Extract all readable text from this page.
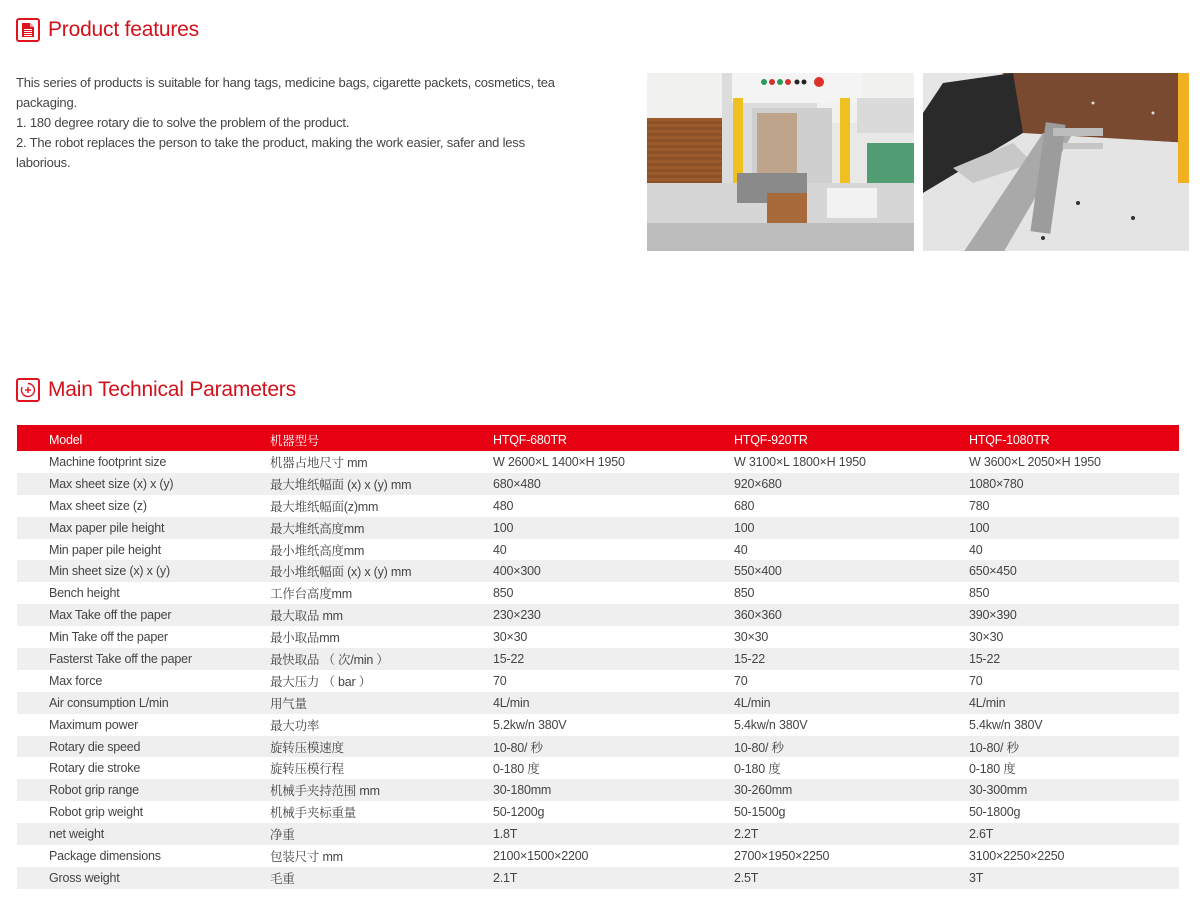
Product features

This series of products is suitable for hang tags, medicine bags, cigarette packets, cosmetics, tea packaging.

1. 180 degree rotary die to solve the problem of the product.

2. The robot replaces the person to take the product, making the work easier, safer and less laborious.

Main Technical Parameters
Model	机器型号	HTQF-680TR	HTQF-920TR	HTQF-1080TR
Machine footprint size	机器占地尺寸 mm	W 2600×L 1400×H 1950	W 3100×L 1800×H 1950	W 3600×L 2050×H 1950
Max sheet size (x) x (y)	最大堆纸幅面 (x) x (y) mm	680×480	920×680	1080×780
Max sheet size (z)	最大堆纸幅面(z)mm	480	680	780
Max paper pile height	最大堆纸高度mm	100	100	100
Min paper pile height	最小堆纸高度mm	40	40	40
Min sheet size (x) x (y)	最小堆纸幅面 (x) x (y) mm	400×300	550×400	650×450
Bench height	工作台高度mm	850	850	850
Max Take off the paper	最大取品 mm	230×230	360×360	390×390
Min Take off the paper	最小取品mm	30×30	30×30	30×30
Fasterst Take off the paper	最快取品 （ 次/min ）	15-22	15-22	15-22
Max force	最大压力 （ bar ）	70	70	70
Air consumption L/min	用气量	4L/min	4L/min	4L/min
Maximum power	最大功率	5.2kw/n 380V	5.4kw/n 380V	5.4kw/n 380V
Rotary die speed	旋转压模速度	10-80/ 秒	10-80/ 秒	10-80/ 秒
Rotary die stroke	旋转压模行程	0-180 度	0-180 度	0-180 度
Robot grip range	机械手夹持范围 mm	30-180mm	30-260mm	30-300mm
Robot grip weight	机械手夹标重量	50-1200g	50-1500g	50-1800g
net weight	净重	1.8T	2.2T	2.6T
Package dimensions	包装尺寸 mm	2100×1500×2200	2700×1950×2250	3100×2250×2250
Gross weight	毛重	2.1T	2.5T	3T
